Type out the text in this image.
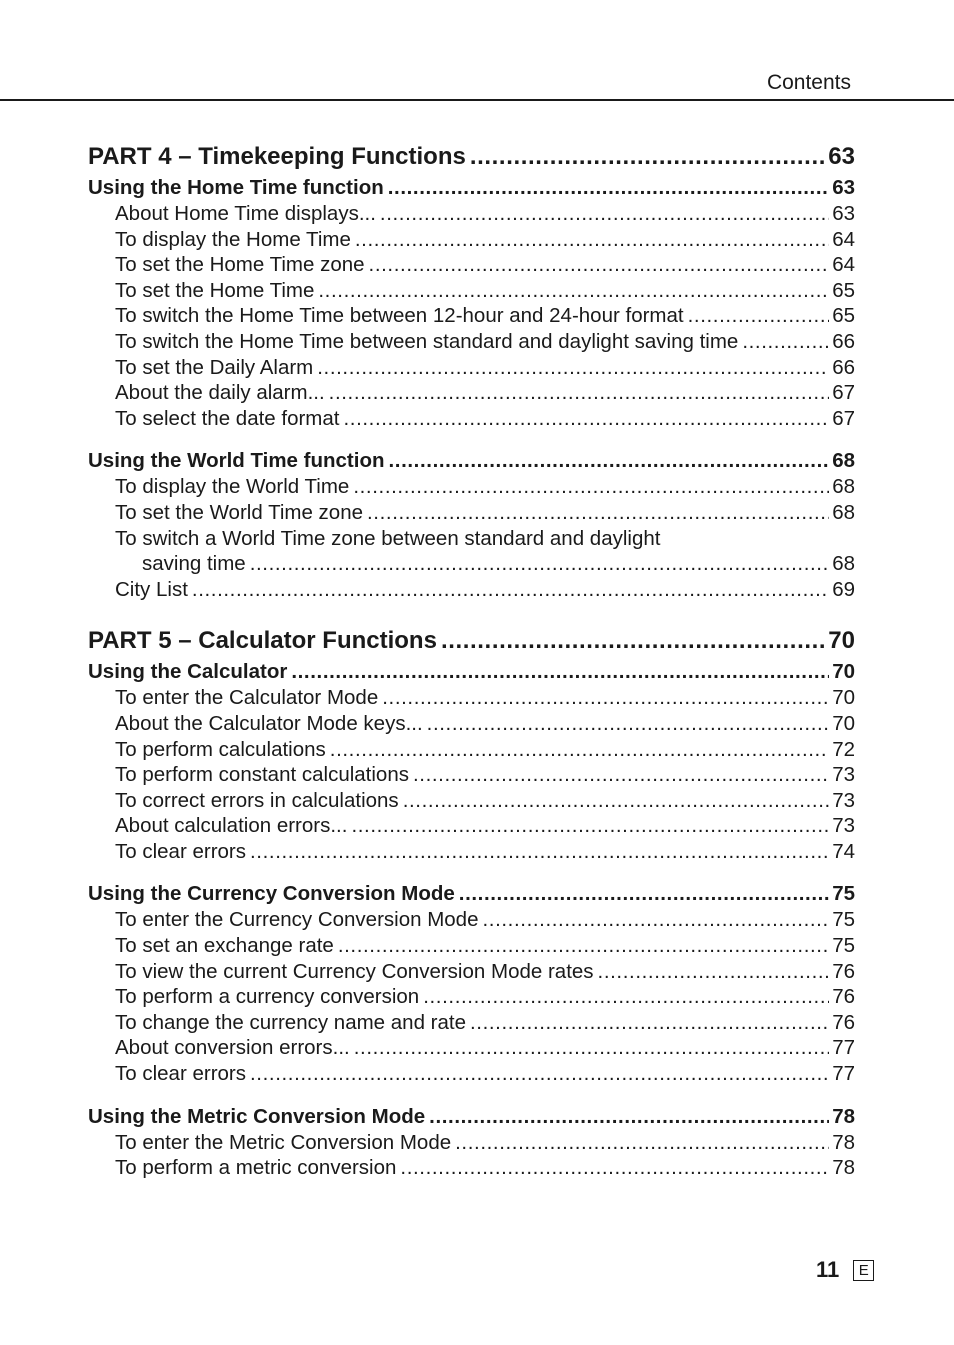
Contents
PART 4 – Timekeeping Functions .....	63
Using the Home Time function .....	63
About Home Time displays... .....	63
To display the Home Time .....	64
To set the Home Time zone .....	64
To set the Home Time .....	65
To switch the Home Time between 12-hour and 24-hour format .....	65
To switch the Home Time between standard and daylight saving time .....	66
To set the Daily Alarm .....	66
About the daily alarm... .....	67
To select the date format .....	67
Using the World Time function .....	68
To display the World Time .....	68
To set the World Time zone .....	68
To switch a World Time zone between standard and daylight
saving time .....	68
City List .....	69
PART 5 – Calculator Functions .....	70
Using the Calculator .....	70
To enter the Calculator Mode .....	70
About the Calculator Mode keys... .....	70
To perform calculations .....	72
To perform constant calculations .....	73
To correct errors in calculations .....	73
About calculation errors... .....	73
To clear errors .....	74
Using the Currency Conversion Mode .....	75
To enter the Currency Conversion Mode .....	75
To set an exchange rate .....	75
To view the current Currency Conversion Mode rates .....	76
To perform a currency conversion .....	76
To change the currency name and rate .....	76
About conversion errors... .....	77
To clear errors .....	77
Using the Metric Conversion Mode .....	78
To enter the Metric Conversion Mode .....	78
To perform a metric conversion .....	78
11	E
